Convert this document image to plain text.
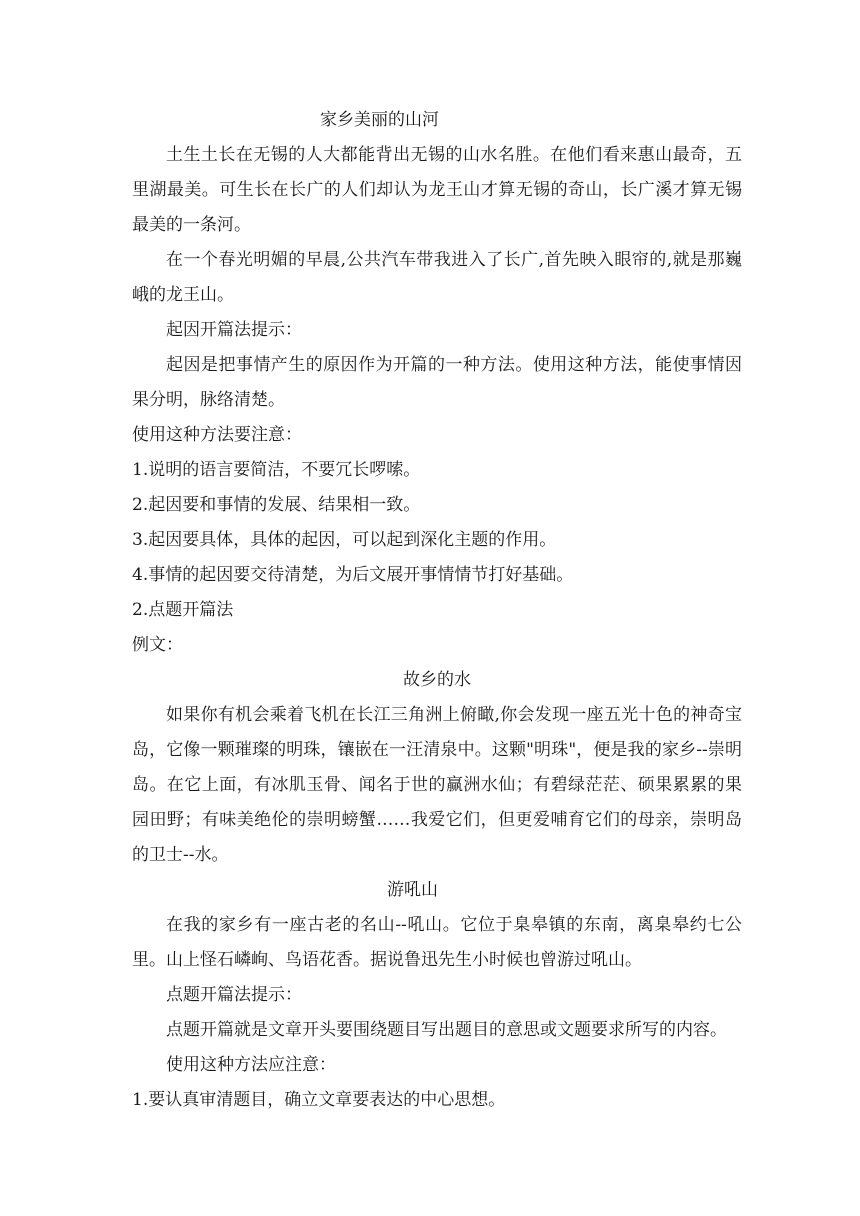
家乡美丽的山河

土生土长在无锡的人大都能背出无锡的山水名胜。在他们看来惠山最奇，五里湖最美。可生长在长广的人们却认为龙王山才算无锡的奇山，长广溪才算无锡最美的一条河。

在一个春光明媚的早晨,公共汽车带我进入了长广,首先映入眼帘的,就是那巍峨的龙王山。

起因开篇法提示：

起因是把事情产生的原因作为开篇的一种方法。使用这种方法，能使事情因果分明，脉络清楚。

使用这种方法要注意：

1.说明的语言要简洁，不要冗长啰嗦。

2.起因要和事情的发展、结果相一致。

3.起因要具体，具体的起因，可以起到深化主题的作用。

4.事情的起因要交待清楚，为后文展开事情情节打好基础。

2.点题开篇法

例文：

故乡的水

如果你有机会乘着飞机在长江三角洲上俯瞰,你会发现一座五光十色的神奇宝岛，它像一颗璀璨的明珠，镶嵌在一汪清泉中。这颗"明珠"，便是我的家乡--崇明岛。在它上面，有冰肌玉骨、闻名于世的赢洲水仙；有碧绿茫茫、硕果累累的果园田野；有味美绝伦的崇明螃蟹……我爱它们，但更爱哺育它们的母亲，崇明岛的卫士--水。

游吼山

在我的家乡有一座古老的名山--吼山。它位于臬皋镇的东南，离臬皋约七公里。山上怪石嶙峋、鸟语花香。据说鲁迅先生小时候也曾游过吼山。

点题开篇法提示：

点题开篇就是文章开头要围绕题目写出题目的意思或文题要求所写的内容。

使用这种方法应注意：

1.要认真审清题目，确立文章要表达的中心思想。
